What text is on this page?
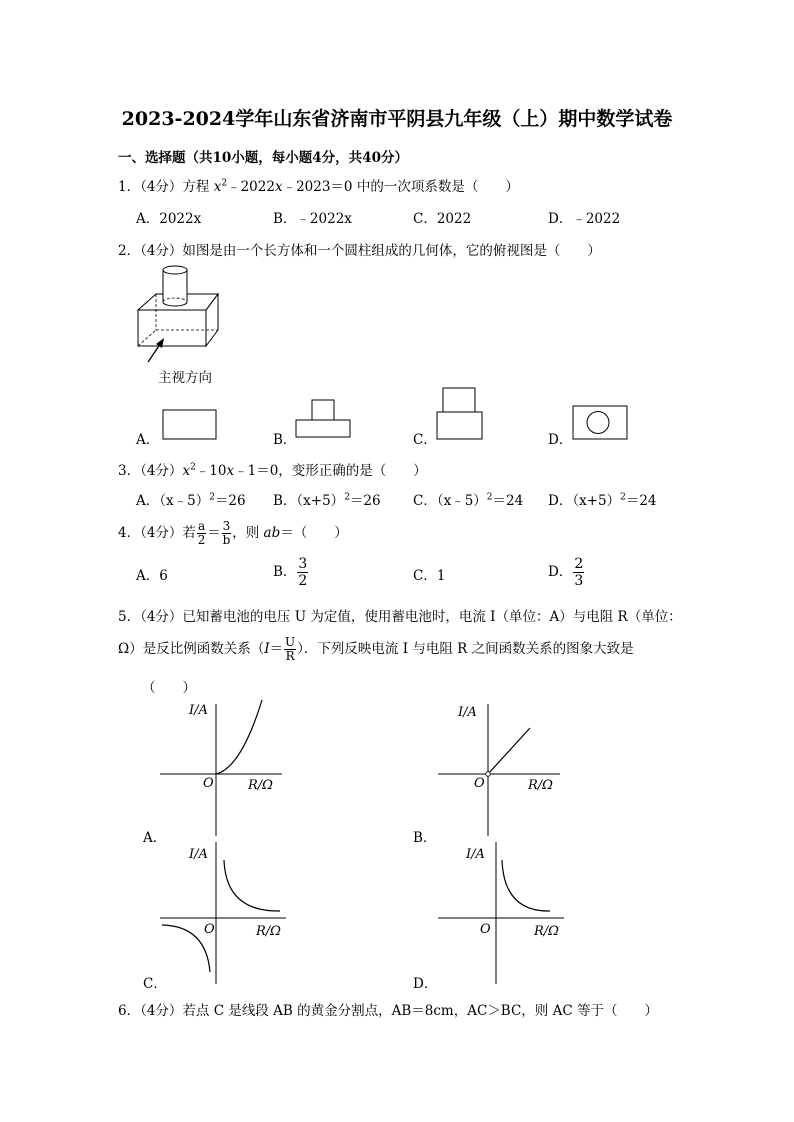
2023-2024学年山东省济南市平阴县九年级（上）期中数学试卷
一、选择题（共10小题，每小题4分，共40分）
1．（4分）方程 $x^2﹣2022x﹣2023=0$ 中的一次项系数是（　　）
A．2022x	B．﹣2022x	C．2022	D．﹣2022
2．（4分）如图是由一个长方体和一个圆柱组成的几何体，它的俯视图是（　　）
主视方向
A．	B．	C．	D．
3．（4分）$x^2﹣10x﹣1=0$，变形正确的是（　　）
A．（x﹣5）$^2$＝26 B．$(x+5)^2=26$ C．（x﹣5）$^2$＝24 D．$(x+5)^2=24$
4．（4分）若 $\frac{a}{2} = \frac{3}{b}$ ，则 ab＝（　　）
A．6	B． $\frac{3}{2}$	C．1	D． $\frac{2}{3}$
5．（4分）已知蓄电池的电压 U 为定值，使用蓄电池时，电流 I（单位：A）与电阻 R（单位：
Ω）是反比例函数关系（$I= \frac{U}{R}$ ）．下列反映电流 I 与电阻 R 之间函数关系的图象大致是
（　　）
I/A
O	R/Ω
A．
I/A
O	R/Ω
B．
I/A
O	R/Ω
C．
I/A
O	R/Ω
D．
6．（4分）若点 C 是线段 AB 的黄金分割点，AB＝8cm，AC＞BC，则 AC 等于（　　）
